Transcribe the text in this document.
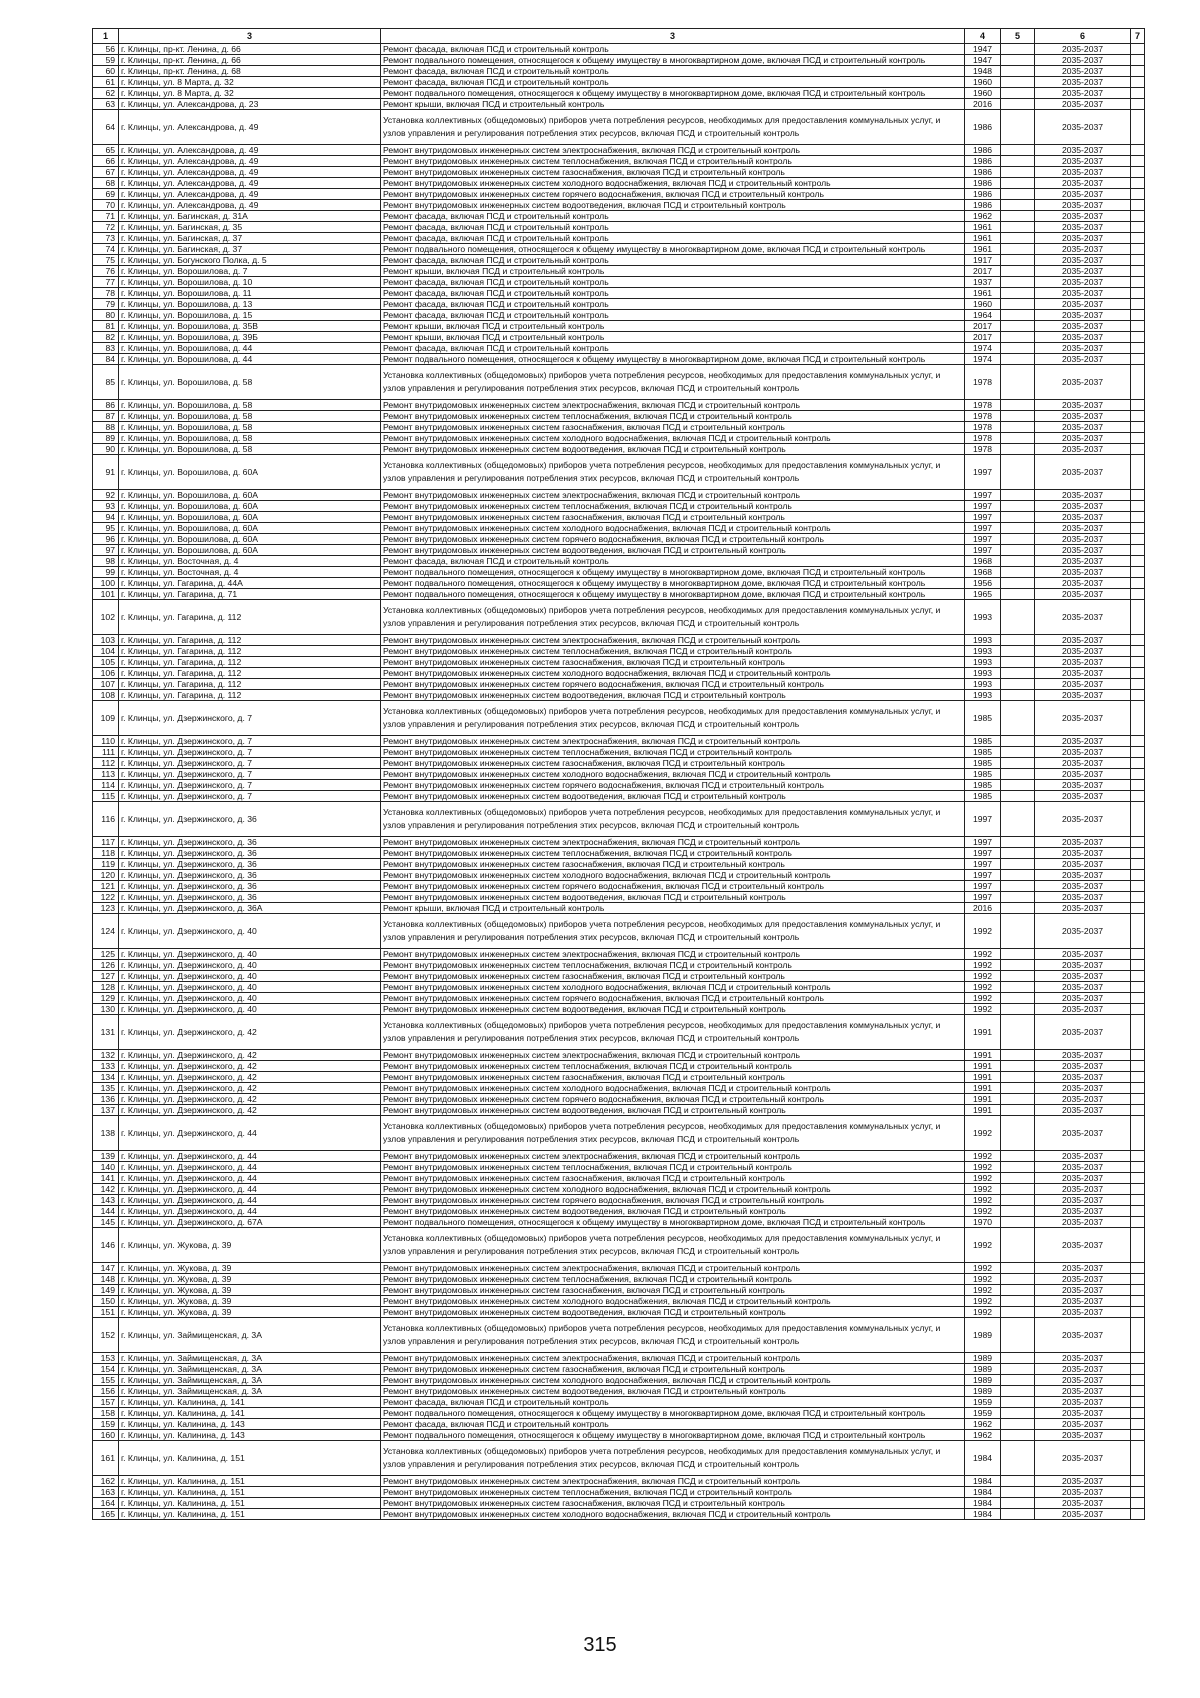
1	3	3	4	5	6	7
56	г. Клинцы, пр-кт. Ленина, д. 66	Ремонт фасада, включая ПСД и строительный контроль	1947		2035-2037	
59	г. Клинцы, пр-кт. Ленина, д. 66	Ремонт подвального помещения, относящегося к общему имуществу в многоквартирном доме, включая ПСД и строительный контроль	1947		2035-2037	
60	г. Клинцы, пр-кт. Ленина, д. 68	Ремонт фасада, включая ПСД и строительный контроль	1948		2035-2037	
61	г. Клинцы, ул. 8 Марта, д. 32	Ремонт фасада, включая ПСД и строительный контроль	1960		2035-2037	
62	г. Клинцы, ул. 8 Марта, д. 32	Ремонт подвального помещения, относящегося к общему имуществу в многоквартирном доме, включая ПСД и строительный контроль	1960		2035-2037	
63	г. Клинцы, ул. Александрова, д. 23	Ремонт крыши, включая ПСД и строительный контроль	2016		2035-2037	
64	г. Клинцы, ул. Александрова, д. 49	Установка коллективных (общедомовых) приборов учета потребления ресурсов, необходимых для предоставления коммунальных услуг, и узлов управления и регулирования потребления этих ресурсов, включая ПСД и строительный контроль	1986		2035-2037	
65	г. Клинцы, ул. Александрова, д. 49	Ремонт внутридомовых инженерных систем электроснабжения, включая ПСД и строительный контроль	1986		2035-2037	
66	г. Клинцы, ул. Александрова, д. 49	Ремонт внутридомовых инженерных систем теплоснабжения, включая ПСД и строительный контроль	1986		2035-2037	
67	г. Клинцы, ул. Александрова, д. 49	Ремонт внутридомовых инженерных систем газоснабжения, включая ПСД и строительный контроль	1986		2035-2037	
68	г. Клинцы, ул. Александрова, д. 49	Ремонт внутридомовых инженерных систем холодного водоснабжения, включая ПСД и строительный контроль	1986		2035-2037	
69	г. Клинцы, ул. Александрова, д. 49	Ремонт внутридомовых инженерных систем горячего водоснабжения, включая ПСД и строительный контроль	1986		2035-2037	
70	г. Клинцы, ул. Александрова, д. 49	Ремонт внутридомовых инженерных систем водоотведения, включая ПСД и строительный контроль	1986		2035-2037	
71	г. Клинцы, ул. Багинская, д. 31А	Ремонт фасада, включая ПСД и строительный контроль	1962		2035-2037	
72	г. Клинцы, ул. Багинская, д. 35	Ремонт фасада, включая ПСД и строительный контроль	1961		2035-2037	
73	г. Клинцы, ул. Багинская, д. 37	Ремонт фасада, включая ПСД и строительный контроль	1961		2035-2037	
74	г. Клинцы, ул. Багинская, д. 37	Ремонт подвального помещения, относящегося к общему имуществу в многоквартирном доме, включая ПСД и строительный контроль	1961		2035-2037	
75	г. Клинцы, ул. Богунского Полка, д. 5	Ремонт фасада, включая ПСД и строительный контроль	1917		2035-2037	
76	г. Клинцы, ул. Ворошилова, д. 7	Ремонт крыши, включая ПСД и строительный контроль	2017		2035-2037	
77	г. Клинцы, ул. Ворошилова, д. 10	Ремонт фасада, включая ПСД и строительный контроль	1937		2035-2037	
78	г. Клинцы, ул. Ворошилова, д. 11	Ремонт фасада, включая ПСД и строительный контроль	1961		2035-2037	
79	г. Клинцы, ул. Ворошилова, д. 13	Ремонт фасада, включая ПСД и строительный контроль	1960		2035-2037	
80	г. Клинцы, ул. Ворошилова, д. 15	Ремонт фасада, включая ПСД и строительный контроль	1964		2035-2037	
81	г. Клинцы, ул. Ворошилова, д. 35В	Ремонт крыши, включая ПСД и строительный контроль	2017		2035-2037	
82	г. Клинцы, ул. Ворошилова, д. 39Б	Ремонт крыши, включая ПСД и строительный контроль	2017		2035-2037	
83	г. Клинцы, ул. Ворошилова, д. 44	Ремонт фасада, включая ПСД и строительный контроль	1974		2035-2037	
84	г. Клинцы, ул. Ворошилова, д. 44	Ремонт подвального помещения, относящегося к общему имуществу в многоквартирном доме, включая ПСД и строительный контроль	1974		2035-2037	
85	г. Клинцы, ул. Ворошилова, д. 58	Установка коллективных (общедомовых) приборов учета потребления ресурсов, необходимых для предоставления коммунальных услуг, и узлов управления и регулирования потребления этих ресурсов, включая ПСД и строительный контроль	1978		2035-2037	
86	г. Клинцы, ул. Ворошилова, д. 58	Ремонт внутридомовых инженерных систем электроснабжения, включая ПСД и строительный контроль	1978		2035-2037	
87	г. Клинцы, ул. Ворошилова, д. 58	Ремонт внутридомовых инженерных систем теплоснабжения, включая ПСД и строительный контроль	1978		2035-2037	
88	г. Клинцы, ул. Ворошилова, д. 58	Ремонт внутридомовых инженерных систем газоснабжения, включая ПСД и строительный контроль	1978		2035-2037	
89	г. Клинцы, ул. Ворошилова, д. 58	Ремонт внутридомовых инженерных систем холодного водоснабжения, включая ПСД и строительный контроль	1978		2035-2037	
90	г. Клинцы, ул. Ворошилова, д. 58	Ремонт внутридомовых инженерных систем водоотведения, включая ПСД и строительный контроль	1978		2035-2037	
91	г. Клинцы, ул. Ворошилова, д. 60А	Установка коллективных (общедомовых) приборов учета потребления ресурсов, необходимых для предоставления коммунальных услуг, и узлов управления и регулирования потребления этих ресурсов, включая ПСД и строительный контроль	1997		2035-2037	
92	г. Клинцы, ул. Ворошилова, д. 60А	Ремонт внутридомовых инженерных систем электроснабжения, включая ПСД и строительный контроль	1997		2035-2037	
93	г. Клинцы, ул. Ворошилова, д. 60А	Ремонт внутридомовых инженерных систем теплоснабжения, включая ПСД и строительный контроль	1997		2035-2037	
94	г. Клинцы, ул. Ворошилова, д. 60А	Ремонт внутридомовых инженерных систем газоснабжения, включая ПСД и строительный контроль	1997		2035-2037	
95	г. Клинцы, ул. Ворошилова, д. 60А	Ремонт внутридомовых инженерных систем холодного водоснабжения, включая ПСД и строительный контроль	1997		2035-2037	
96	г. Клинцы, ул. Ворошилова, д. 60А	Ремонт внутридомовых инженерных систем горячего водоснабжения, включая ПСД и строительный контроль	1997		2035-2037	
97	г. Клинцы, ул. Ворошилова, д. 60А	Ремонт внутридомовых инженерных систем водоотведения, включая ПСД и строительный контроль	1997		2035-2037	
98	г. Клинцы, ул. Восточная, д. 4	Ремонт фасада, включая ПСД и строительный контроль	1968		2035-2037	
99	г. Клинцы, ул. Восточная, д. 4	Ремонт подвального помещения, относящегося к общему имуществу в многоквартирном доме, включая ПСД и строительный контроль	1968		2035-2037	
100	г. Клинцы, ул. Гагарина, д. 44А	Ремонт подвального помещения, относящегося к общему имуществу в многоквартирном доме, включая ПСД и строительный контроль	1956		2035-2037	
101	г. Клинцы, ул. Гагарина, д. 71	Ремонт подвального помещения, относящегося к общему имуществу в многоквартирном доме, включая ПСД и строительный контроль	1965		2035-2037	
102	г. Клинцы, ул. Гагарина, д. 112	Установка коллективных (общедомовых) приборов учета потребления ресурсов, необходимых для предоставления коммунальных услуг, и узлов управления и регулирования потребления этих ресурсов, включая ПСД и строительный контроль	1993		2035-2037	
103	г. Клинцы, ул. Гагарина, д. 112	Ремонт внутридомовых инженерных систем электроснабжения, включая ПСД и строительный контроль	1993		2035-2037	
104	г. Клинцы, ул. Гагарина, д. 112	Ремонт внутридомовых инженерных систем теплоснабжения, включая ПСД и строительный контроль	1993		2035-2037	
105	г. Клинцы, ул. Гагарина, д. 112	Ремонт внутридомовых инженерных систем газоснабжения, включая ПСД и строительный контроль	1993		2035-2037	
106	г. Клинцы, ул. Гагарина, д. 112	Ремонт внутридомовых инженерных систем холодного водоснабжения, включая ПСД и строительный контроль	1993		2035-2037	
107	г. Клинцы, ул. Гагарина, д. 112	Ремонт внутридомовых инженерных систем горячего водоснабжения, включая ПСД и строительный контроль	1993		2035-2037	
108	г. Клинцы, ул. Гагарина, д. 112	Ремонт внутридомовых инженерных систем водоотведения, включая ПСД и строительный контроль	1993		2035-2037	
109	г. Клинцы, ул. Дзержинского, д. 7	Установка коллективных (общедомовых) приборов учета потребления ресурсов, необходимых для предоставления коммунальных услуг, и узлов управления и регулирования потребления этих ресурсов, включая ПСД и строительный контроль	1985		2035-2037	
110	г. Клинцы, ул. Дзержинского, д. 7	Ремонт внутридомовых инженерных систем электроснабжения, включая ПСД и строительный контроль	1985		2035-2037	
111	г. Клинцы, ул. Дзержинского, д. 7	Ремонт внутридомовых инженерных систем теплоснабжения, включая ПСД и строительный контроль	1985		2035-2037	
112	г. Клинцы, ул. Дзержинского, д. 7	Ремонт внутридомовых инженерных систем газоснабжения, включая ПСД и строительный контроль	1985		2035-2037	
113	г. Клинцы, ул. Дзержинского, д. 7	Ремонт внутридомовых инженерных систем холодного водоснабжения, включая ПСД и строительный контроль	1985		2035-2037	
114	г. Клинцы, ул. Дзержинского, д. 7	Ремонт внутридомовых инженерных систем горячего водоснабжения, включая ПСД и строительный контроль	1985		2035-2037	
115	г. Клинцы, ул. Дзержинского, д. 7	Ремонт внутридомовых инженерных систем водоотведения, включая ПСД и строительный контроль	1985		2035-2037	
116	г. Клинцы, ул. Дзержинского, д. 36	Установка коллективных (общедомовых) приборов учета потребления ресурсов, необходимых для предоставления коммунальных услуг, и узлов управления и регулирования потребления этих ресурсов, включая ПСД и строительный контроль	1997		2035-2037	
117	г. Клинцы, ул. Дзержинского, д. 36	Ремонт внутридомовых инженерных систем электроснабжения, включая ПСД и строительный контроль	1997		2035-2037	
118	г. Клинцы, ул. Дзержинского, д. 36	Ремонт внутридомовых инженерных систем теплоснабжения, включая ПСД и строительный контроль	1997		2035-2037	
119	г. Клинцы, ул. Дзержинского, д. 36	Ремонт внутридомовых инженерных систем газоснабжения, включая ПСД и строительный контроль	1997		2035-2037	
120	г. Клинцы, ул. Дзержинского, д. 36	Ремонт внутридомовых инженерных систем холодного водоснабжения, включая ПСД и строительный контроль	1997		2035-2037	
121	г. Клинцы, ул. Дзержинского, д. 36	Ремонт внутридомовых инженерных систем горячего водоснабжения, включая ПСД и строительный контроль	1997		2035-2037	
122	г. Клинцы, ул. Дзержинского, д. 36	Ремонт внутридомовых инженерных систем водоотведения, включая ПСД и строительный контроль	1997		2035-2037	
123	г. Клинцы, ул. Дзержинского, д. 36А	Ремонт крыши, включая ПСД и строительный контроль	2016		2035-2037	
124	г. Клинцы, ул. Дзержинского, д. 40	Установка коллективных (общедомовых) приборов учета потребления ресурсов, необходимых для предоставления коммунальных услуг, и узлов управления и регулирования потребления этих ресурсов, включая ПСД и строительный контроль	1992		2035-2037	
125	г. Клинцы, ул. Дзержинского, д. 40	Ремонт внутридомовых инженерных систем электроснабжения, включая ПСД и строительный контроль	1992		2035-2037	
126	г. Клинцы, ул. Дзержинского, д. 40	Ремонт внутридомовых инженерных систем теплоснабжения, включая ПСД и строительный контроль	1992		2035-2037	
127	г. Клинцы, ул. Дзержинского, д. 40	Ремонт внутридомовых инженерных систем газоснабжения, включая ПСД и строительный контроль	1992		2035-2037	
128	г. Клинцы, ул. Дзержинского, д. 40	Ремонт внутридомовых инженерных систем холодного водоснабжения, включая ПСД и строительный контроль	1992		2035-2037	
129	г. Клинцы, ул. Дзержинского, д. 40	Ремонт внутридомовых инженерных систем горячего водоснабжения, включая ПСД и строительный контроль	1992		2035-2037	
130	г. Клинцы, ул. Дзержинского, д. 40	Ремонт внутридомовых инженерных систем водоотведения, включая ПСД и строительный контроль	1992		2035-2037	
131	г. Клинцы, ул. Дзержинского, д. 42	Установка коллективных (общедомовых) приборов учета потребления ресурсов, необходимых для предоставления коммунальных услуг, и узлов управления и регулирования потребления этих ресурсов, включая ПСД и строительный контроль	1991		2035-2037	
132	г. Клинцы, ул. Дзержинского, д. 42	Ремонт внутридомовых инженерных систем электроснабжения, включая ПСД и строительный контроль	1991		2035-2037	
133	г. Клинцы, ул. Дзержинского, д. 42	Ремонт внутридомовых инженерных систем теплоснабжения, включая ПСД и строительный контроль	1991		2035-2037	
134	г. Клинцы, ул. Дзержинского, д. 42	Ремонт внутридомовых инженерных систем газоснабжения, включая ПСД и строительный контроль	1991		2035-2037	
135	г. Клинцы, ул. Дзержинского, д. 42	Ремонт внутридомовых инженерных систем холодного водоснабжения, включая ПСД и строительный контроль	1991		2035-2037	
136	г. Клинцы, ул. Дзержинского, д. 42	Ремонт внутридомовых инженерных систем горячего водоснабжения, включая ПСД и строительный контроль	1991		2035-2037	
137	г. Клинцы, ул. Дзержинского, д. 42	Ремонт внутридомовых инженерных систем водоотведения, включая ПСД и строительный контроль	1991		2035-2037	
138	г. Клинцы, ул. Дзержинского, д. 44	Установка коллективных (общедомовых) приборов учета потребления ресурсов, необходимых для предоставления коммунальных услуг, и узлов управления и регулирования потребления этих ресурсов, включая ПСД и строительный контроль	1992		2035-2037	
139	г. Клинцы, ул. Дзержинского, д. 44	Ремонт внутридомовых инженерных систем электроснабжения, включая ПСД и строительный контроль	1992		2035-2037	
140	г. Клинцы, ул. Дзержинского, д. 44	Ремонт внутридомовых инженерных систем теплоснабжения, включая ПСД и строительный контроль	1992		2035-2037	
141	г. Клинцы, ул. Дзержинского, д. 44	Ремонт внутридомовых инженерных систем газоснабжения, включая ПСД и строительный контроль	1992		2035-2037	
142	г. Клинцы, ул. Дзержинского, д. 44	Ремонт внутридомовых инженерных систем холодного водоснабжения, включая ПСД и строительный контроль	1992		2035-2037	
143	г. Клинцы, ул. Дзержинского, д. 44	Ремонт внутридомовых инженерных систем горячего водоснабжения, включая ПСД и строительный контроль	1992		2035-2037	
144	г. Клинцы, ул. Дзержинского, д. 44	Ремонт внутридомовых инженерных систем водоотведения, включая ПСД и строительный контроль	1992		2035-2037	
145	г. Клинцы, ул. Дзержинского, д. 67А	Ремонт подвального помещения, относящегося к общему имуществу в многоквартирном доме, включая ПСД и строительный контроль	1970		2035-2037	
146	г. Клинцы, ул. Жукова, д. 39	Установка коллективных (общедомовых) приборов учета потребления ресурсов, необходимых для предоставления коммунальных услуг, и узлов управления и регулирования потребления этих ресурсов, включая ПСД и строительный контроль	1992		2035-2037	
147	г. Клинцы, ул. Жукова, д. 39	Ремонт внутридомовых инженерных систем электроснабжения, включая ПСД и строительный контроль	1992		2035-2037	
148	г. Клинцы, ул. Жукова, д. 39	Ремонт внутридомовых инженерных систем теплоснабжения, включая ПСД и строительный контроль	1992		2035-2037	
149	г. Клинцы, ул. Жукова, д. 39	Ремонт внутридомовых инженерных систем газоснабжения, включая ПСД и строительный контроль	1992		2035-2037	
150	г. Клинцы, ул. Жукова, д. 39	Ремонт внутридомовых инженерных систем холодного водоснабжения, включая ПСД и строительный контроль	1992		2035-2037	
151	г. Клинцы, ул. Жукова, д. 39	Ремонт внутридомовых инженерных систем водоотведения, включая ПСД и строительный контроль	1992		2035-2037	
152	г. Клинцы, ул. Займищенская, д. 3А	Установка коллективных (общедомовых) приборов учета потребления ресурсов, необходимых для предоставления коммунальных услуг, и узлов управления и регулирования потребления этих ресурсов, включая ПСД и строительный контроль	1989		2035-2037	
153	г. Клинцы, ул. Займищенская, д. 3А	Ремонт внутридомовых инженерных систем электроснабжения, включая ПСД и строительный контроль	1989		2035-2037	
154	г. Клинцы, ул. Займищенская, д. 3А	Ремонт внутридомовых инженерных систем газоснабжения, включая ПСД и строительный контроль	1989		2035-2037	
155	г. Клинцы, ул. Займищенская, д. 3А	Ремонт внутридомовых инженерных систем холодного водоснабжения, включая ПСД и строительный контроль	1989		2035-2037	
156	г. Клинцы, ул. Займищенская, д. 3А	Ремонт внутридомовых инженерных систем водоотведения, включая ПСД и строительный контроль	1989		2035-2037	
157	г. Клинцы, ул. Калинина, д. 141	Ремонт фасада, включая ПСД и строительный контроль	1959		2035-2037	
158	г. Клинцы, ул. Калинина, д. 141	Ремонт подвального помещения, относящегося к общему имуществу в многоквартирном доме, включая ПСД и строительный контроль	1959		2035-2037	
159	г. Клинцы, ул. Калинина, д. 143	Ремонт фасада, включая ПСД и строительный контроль	1962		2035-2037	
160	г. Клинцы, ул. Калинина, д. 143	Ремонт подвального помещения, относящегося к общему имуществу в многоквартирном доме, включая ПСД и строительный контроль	1962		2035-2037	
161	г. Клинцы, ул. Калинина, д. 151	Установка коллективных (общедомовых) приборов учета потребления ресурсов, необходимых для предоставления коммунальных услуг, и узлов управления и регулирования потребления этих ресурсов, включая ПСД и строительный контроль	1984		2035-2037	
162	г. Клинцы, ул. Калинина, д. 151	Ремонт внутридомовых инженерных систем электроснабжения, включая ПСД и строительный контроль	1984		2035-2037	
163	г. Клинцы, ул. Калинина, д. 151	Ремонт внутридомовых инженерных систем теплоснабжения, включая ПСД и строительный контроль	1984		2035-2037	
164	г. Клинцы, ул. Калинина, д. 151	Ремонт внутридомовых инженерных систем газоснабжения, включая ПСД и строительный контроль	1984		2035-2037	
165	г. Клинцы, ул. Калинина, д. 151	Ремонт внутридомовых инженерных систем холодного водоснабжения, включая ПСД и строительный контроль	1984		2035-2037	
315
